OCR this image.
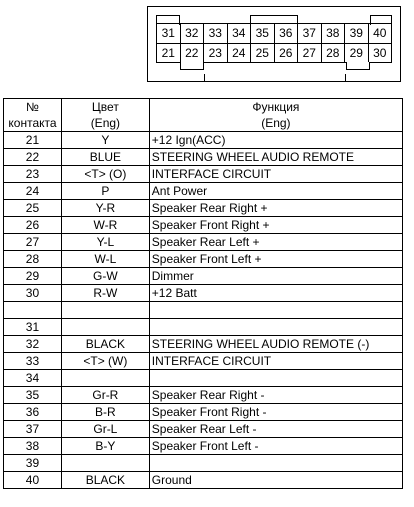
31 32 33 34 35 36 37 38 39 40
21 22 23 24 25 26 27 28 29 30
№	Цвет	Функция
контакта	(Eng)	(Eng)
21	Y	+12 Ign(ACC)
22	BLUE	STEERING WHEEL AUDIO REMOTE
23	<T> (O)	INTERFACE CIRCUIT
24	P	Ant Power
25	Y-R	Speaker Rear Right +
26	W-R	Speaker Front Right +
27	Y-L	Speaker Rear Left +
28	W-L	Speaker Front Left +
29	G-W	Dimmer
30	R-W	+12 Batt

31		
32	BLACK	STEERING WHEEL AUDIO REMOTE (-)
33	<T> (W)	INTERFACE CIRCUIT
34		
35	Gr-R	Speaker Rear Right -
36	B-R	Speaker Front Right -
37	Gr-L	Speaker Rear Left -
38	B-Y	Speaker Front Left -
39		
40	BLACK	Ground
